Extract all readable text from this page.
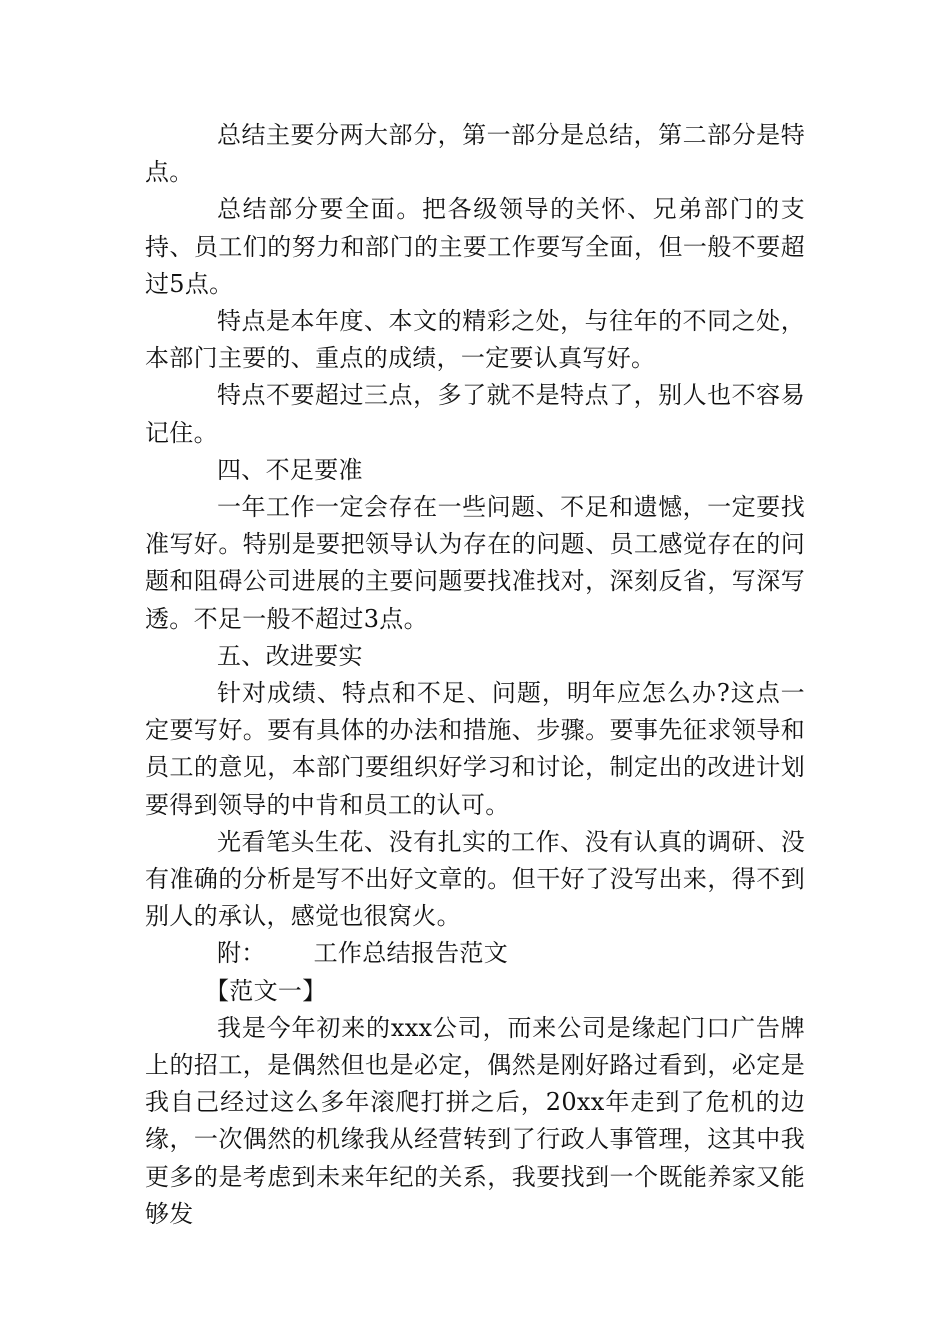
总结主要分两大部分，第一部分是总结，第二部分是特点。

总结部分要全面。把各级领导的关怀、兄弟部门的支持、员工们的努力和部门的主要工作要写全面，但一般不要超过5点。

特点是本年度、本文的精彩之处，与往年的不同之处，本部门主要的、重点的成绩，一定要认真写好。

特点不要超过三点，多了就不是特点了，别人也不容易记住。

四、不足要准

一年工作一定会存在一些问题、不足和遗憾，一定要找准写好。特别是要把领导认为存在的问题、员工感觉存在的问题和阻碍公司进展的主要问题要找准找对，深刻反省，写深写透。不足一般不超过3点。

五、改进要实

针对成绩、特点和不足、问题，明年应怎么办?这点一定要写好。要有具体的办法和措施、步骤。要事先征求领导和员工的意见，本部门要组织好学习和讨论，制定出的改进计划要得到领导的中肯和员工的认可。

光看笔头生花、没有扎实的工作、没有认真的调研、没有准确的分析是写不出好文章的。但干好了没写出来，得不到别人的承认，感觉也很窝火。

附： 工作总结报告范文

【范文一】

我是今年初来的xxx公司，而来公司是缘起门口广告牌上的招工，是偶然但也是必定，偶然是刚好路过看到，必定是我自己经过这么多年滚爬打拼之后，20xx年走到了危机的边缘，一次偶然的机缘我从经营转到了行政人事管理，这其中我更多的是考虑到未来年纪的关系，我要找到一个既能养家又能够发
